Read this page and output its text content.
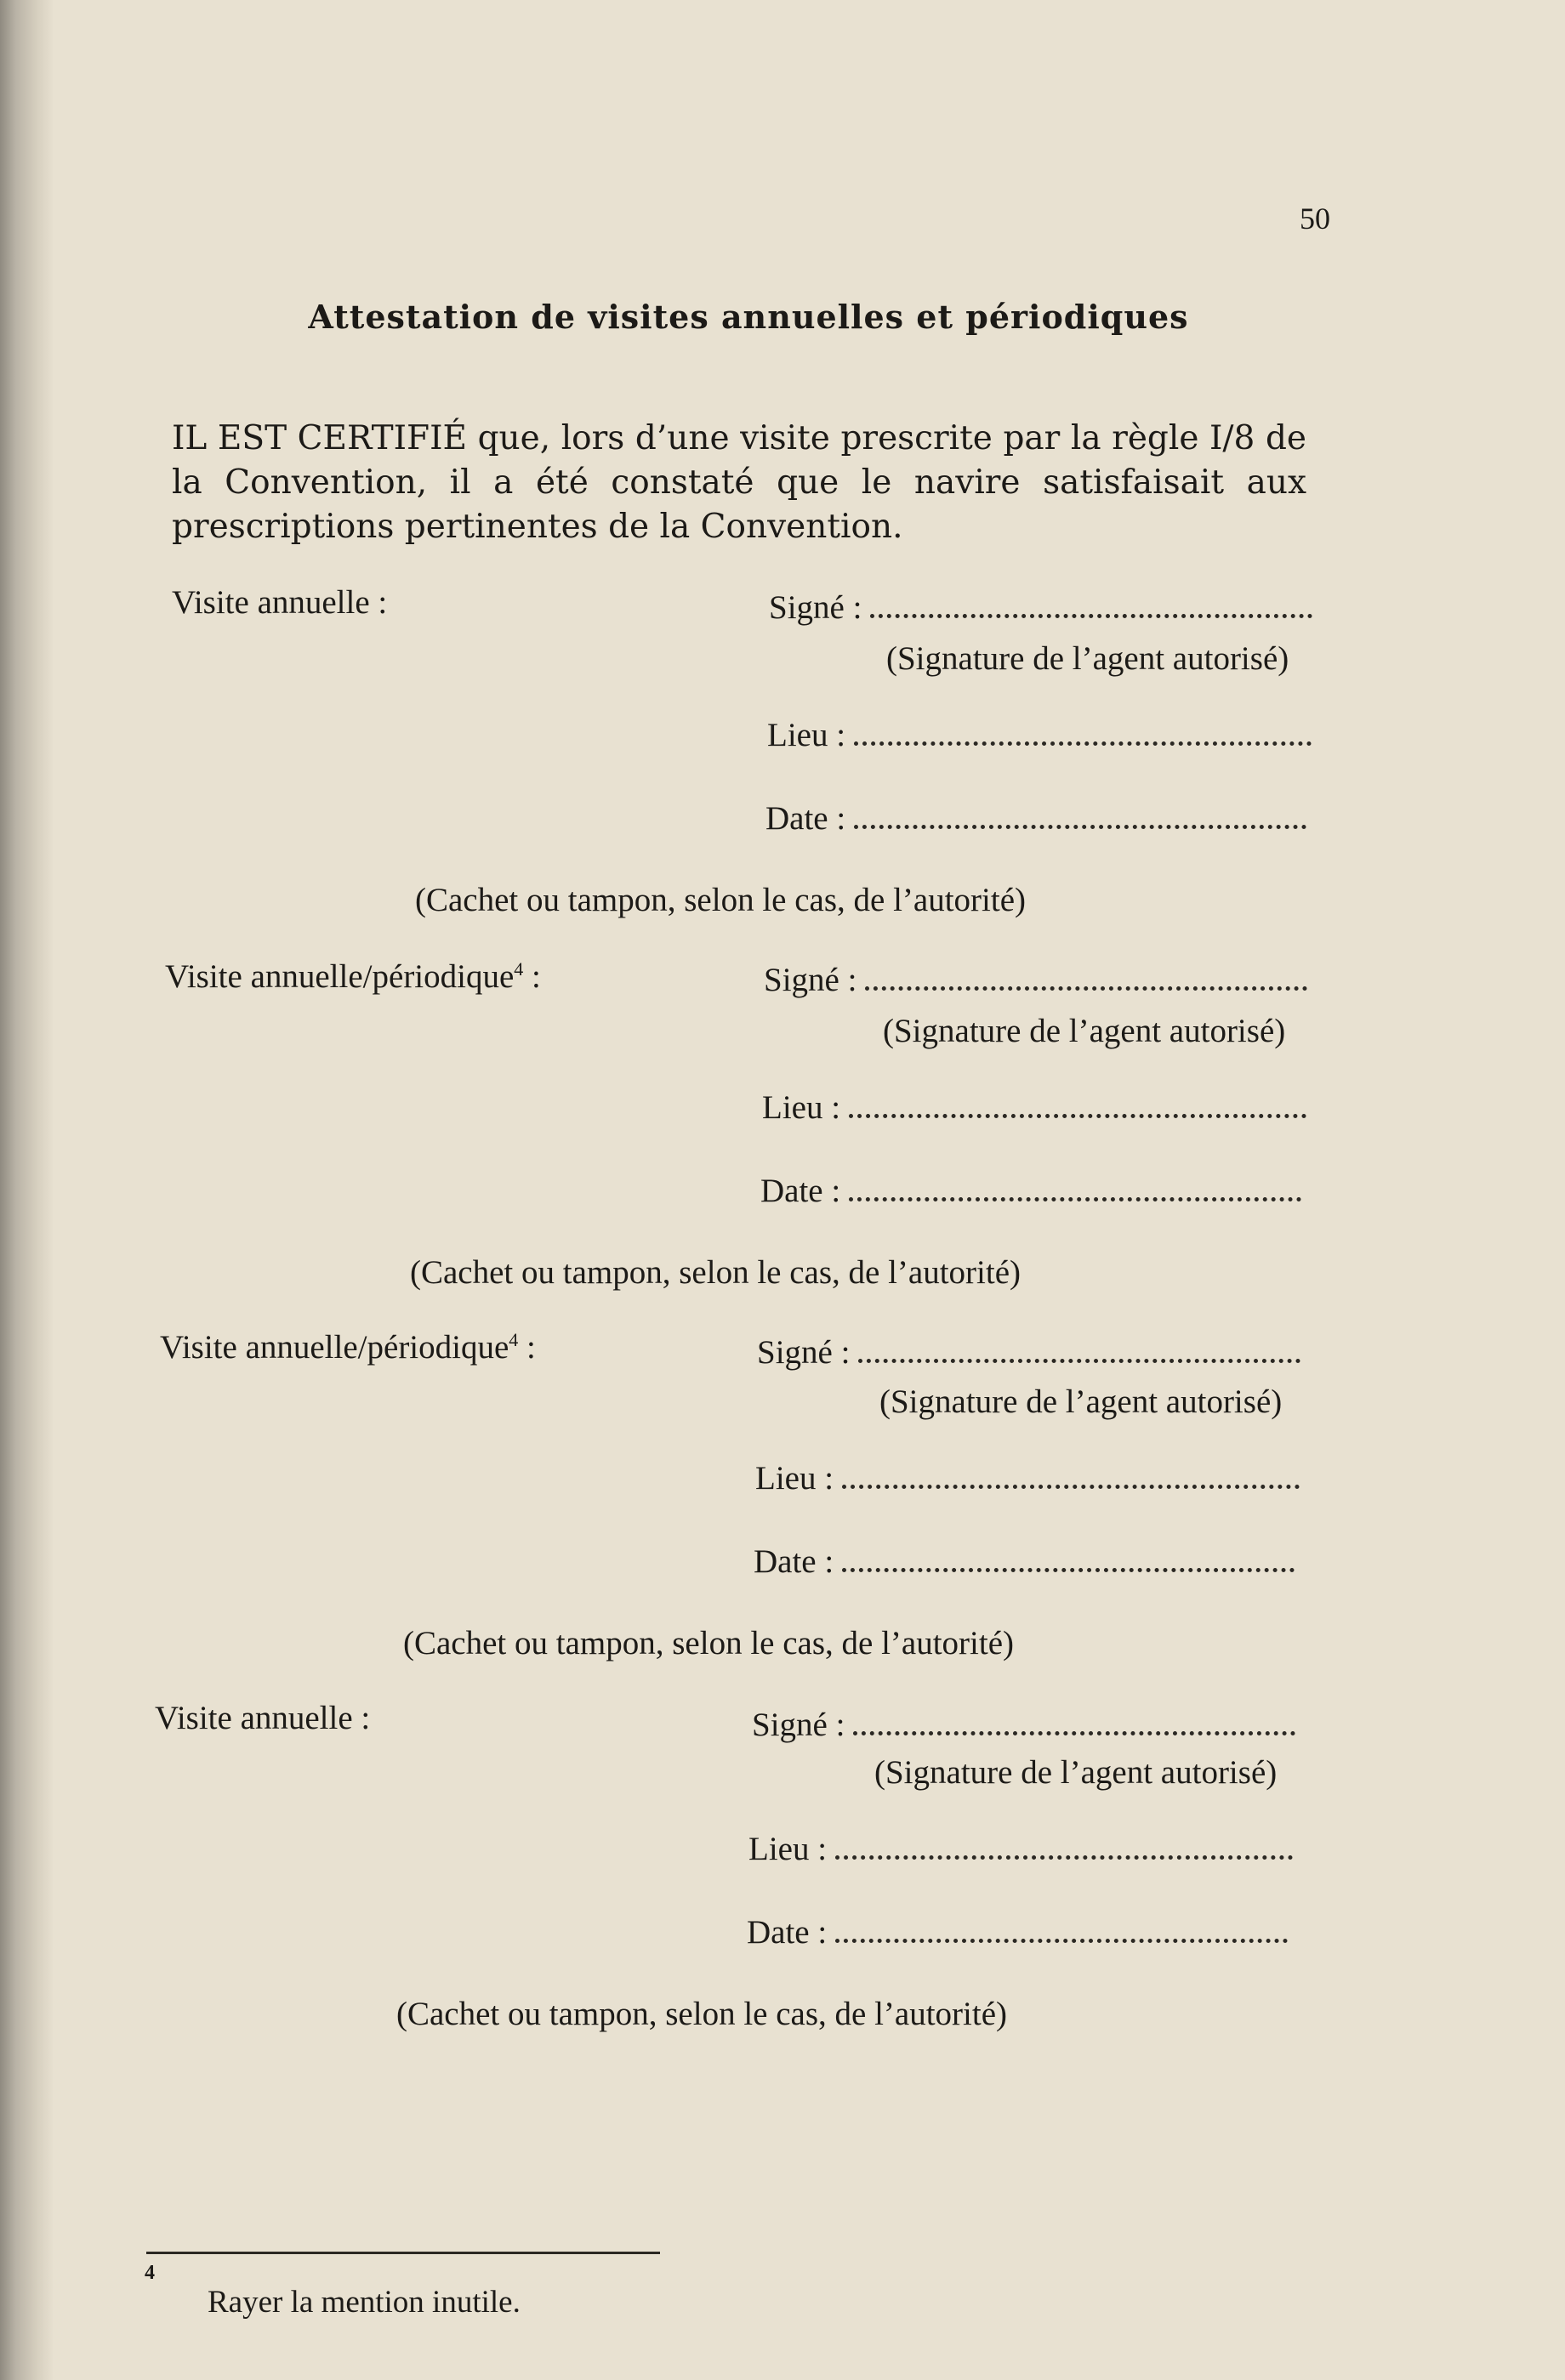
50
Attestation de visites annuelles et périodiques
IL EST CERTIFIÉ que, lors d’une visite prescrite par la règle I/8 de la Convention, il a été constaté que le navire satisfaisait aux prescriptions pertinentes de la Convention.
Visite annuelle :	Signé :
(Signature de l’agent autorisé)
Lieu :
Date :
(Cachet ou tampon, selon le cas, de l’autorité)
Visite annuelle/périodique$^4$ :	Signé :
(Signature de l’agent autorisé)
Lieu :
Date :
(Cachet ou tampon, selon le cas, de l’autorité)
Visite annuelle/périodique$^4$ :	Signé :
(Signature de l’agent autorisé)
Lieu :
Date :
(Cachet ou tampon, selon le cas, de l’autorité)
Visite annuelle :	Signé :
(Signature de l’agent autorisé)
Lieu :
Date :
(Cachet ou tampon, selon le cas, de l’autorité)
4
Rayer la mention inutile.
